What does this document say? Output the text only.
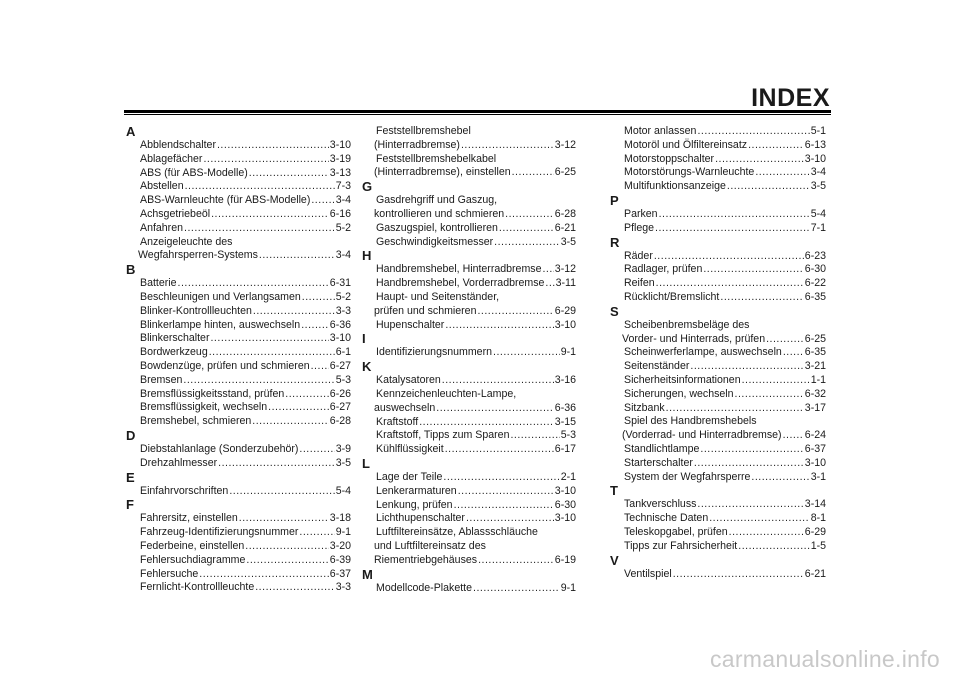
INDEX
A
Abblendschalter .....	3-10
Ablagefächer .....	3-19
ABS (für ABS-Modelle) .....	3-13
Abstellen .....	7-3
ABS-Warnleuchte (für ABS-Modelle) ..... 3-4
Achsgetriebeöl .....	6-16
Anfahren .....	5-2
Anzeigeleuchte des
Wegfahrsperren-Systems .....	3-4
B
Batterie .....	6-31
Beschleunigen und Verlangsamen .....	5-2
Blinker-Kontrollleuchten .....	3-3
Blinkerlampe hinten, auswechseln .....	6-36
Blinkerschalter .....	3-10
Bordwerkzeug .....	6-1
Bowdenzüge, prüfen und schmieren ..... 6-27
Bremsen .....	5-3
Bremsflüssigkeitsstand, prüfen .....	6-26
Bremsflüssigkeit, wechseln .....	6-27
Bremshebel, schmieren .....	6-28
D
Diebstahlanlage (Sonderzubehör) .....	3-9
Drehzahlmesser .....	3-5
E
Einfahrvorschriften .....	5-4
F
Fahrersitz, einstellen .....	3-18
Fahrzeug-Identifizierungsnummer .....	9-1
Federbeine, einstellen .....	3-20
Fehlersuchdiagramme .....	6-39
Fehlersuche .....	6-37
Fernlicht-Kontrollleuchte .....	3-3
Feststellbremshebel
(Hinterradbremse) .....	3-12
Feststellbremshebelkabel
(Hinterradbremse), einstellen .....	6-25
G
Gasdrehgriff und Gaszug,
kontrollieren und schmieren .....	6-28
Gaszugspiel, kontrollieren .....	6-21
Geschwindigkeitsmesser .....	3-5
H
Handbremshebel, Hinterradbremse ..... 3-12
Handbremshebel, Vorderradbremse ..... 3-11
Haupt- und Seitenständer,
prüfen und schmieren .....	6-29
Hupenschalter .....	3-10
I
Identifizierungsnummern .....	9-1
K
Katalysatoren .....	3-16
Kennzeichenleuchten-Lampe,
auswechseln .....	6-36
Kraftstoff .....	3-15
Kraftstoff, Tipps zum Sparen .....	5-3
Kühlflüssigkeit .....	6-17
L
Lage der Teile .....	2-1
Lenkerarmaturen .....	3-10
Lenkung, prüfen .....	6-30
Lichthupenschalter .....	3-10
Luftfiltereinsätze, Ablassschläuche
und Luftfiltereinsatz des
Riementriebgehäuses .....	6-19
M
Modellcode-Plakette .....	9-1
Motor anlassen .....	5-1
Motoröl und Ölfiltereinsatz .....	6-13
Motorstoppschalter .....	3-10
Motorstörungs-Warnleuchte .....	3-4
Multifunktionsanzeige .....	3-5
P
Parken .....	5-4
Pflege .....	7-1
R
Räder .....	6-23
Radlager, prüfen .....	6-30
Reifen .....	6-22
Rücklicht/Bremslicht .....	6-35
S
Scheibenbremsbeläge des
Vorder- und Hinterrads, prüfen .....	6-25
Scheinwerferlampe, auswechseln ..... 6-35
Seitenständer .....	3-21
Sicherheitsinformationen .....	1-1
Sicherungen, wechseln .....	6-32
Sitzbank .....	3-17
Spiel des Handbremshebels
(Vorderrad- und Hinterradbremse) ..... 6-24
Standlichtlampe .....	6-37
Starterschalter .....	3-10
System der Wegfahrsperre .....	3-1
T
Tankverschluss .....	3-14
Technische Daten .....	8-1
Teleskopgabel, prüfen .....	6-29
Tipps zur Fahrsicherheit .....	1-5
V
Ventilspiel .....	6-21
carmanualsonline.info
